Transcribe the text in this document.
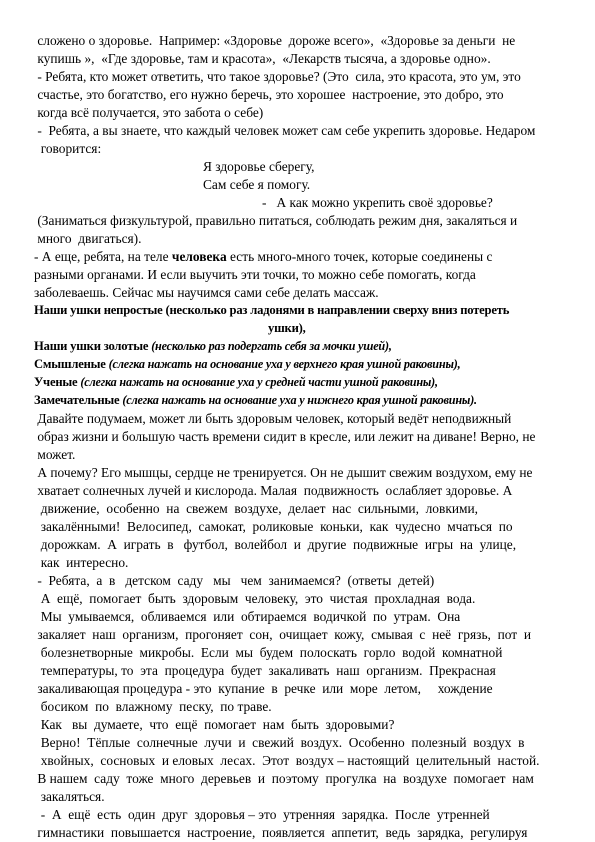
сложено о здоровье.  Например: «Здоровье  дороже всего»,  «Здоровье за деньги  не
купишь »,  «Где здоровье, там и красота»,  «Лекарств тысяча, а здоровье одно».
- Ребята, кто может ответить, что такое здоровье? (Это  сила, это красота, это ум, это
счастье, это богатство, его нужно беречь, это хорошее  настроение, это добро, это
когда всё получается, это забота о себе)
-  Ребята, а вы знаете, что каждый человек может сам себе укрепить здоровье. Недаром
говорится:
Я здоровье сберегу,
Сам себе я помогу.
-   А как можно укрепить своё здоровье?
(Заниматься физкультурой, правильно питаться, соблюдать режим дня, закаляться и
много  двигаться).
- А еще, ребята, на теле человека есть много-много точек, которые соединены с
разными органами. И если выучить эти точки, то можно себе помогать, когда
заболеваешь. Сейчас мы научимся сами себе делать массаж.
Наши ушки непростые (несколько раз ладонями в направлении сверху вниз потереть
ушки),
Наши ушки золотые (несколько раз подергать себя за мочки ушей),
Смышленые (слегка нажать на основание уха у верхнего края ушной раковины),
Ученые (слегка нажать на основание уха у средней части ушной раковины),
Замечательные (слегка нажать на основание уха у нижнего края ушной раковины).
Давайте подумаем, может ли быть здоровым человек, который ведёт неподвижный
образ жизни и большую часть времени сидит в кресле, или лежит на диване! Верно, не
может.
А почему? Его мышцы, сердце не тренируется. Он не дышит свежим воздухом, ему не
хватает солнечных лучей и кислорода. Малая  подвижность  ослабляет здоровье. А
движение,  особенно  на  свежем  воздухе,  делает  нас  сильными,  ловкими,
закалёнными!  Велосипед,  самокат,  роликовые  коньки,  как  чудесно  мчаться  по
дорожкам.  А  играть  в   футбол,  волейбол  и  другие  подвижные  игры  на  улице,
как  интересно.
-  Ребята,  а  в   детском  саду   мы   чем  занимаемся?  (ответы  детей)
А  ещё,  помогает  быть  здоровым  человеку,  это  чистая  прохладная  вода.
Мы  умываемся,  обливаемся  или  обтираемся  водичкой  по  утрам.  Она
закаляет  наш  организм,  прогоняет  сон,  очищает  кожу,  смывая  с  неё  грязь,  пот  и
болезнетворные  микробы.  Если  мы  будем  полоскать  горло  водой  комнатной
температуры, то  эта  процедура  будет  закаливать  наш  организм.  Прекрасная
закаливающая процедура - это  купание  в  речке  или  море  летом,     хождение
босиком  по  влажному  песку,  по траве.
Как   вы  думаете,  что  ещё  помогает  нам  быть  здоровыми?
Верно!  Тёплые  солнечные  лучи  и  свежий  воздух.  Особенно  полезный  воздух  в
хвойных,  сосновых  и еловых  лесах.  Этот  воздух – настоящий  целительный  настой.
В нашем  саду  тоже  много  деревьев  и  поэтому  прогулка  на  воздухе  помогает  нам
закаляться.
-  А  ещё  есть  один  друг  здоровья – это  утренняя  зарядка.  После  утренней
гимнастики  повышается  настроение,  появляется  аппетит,  ведь  зарядка,  регулируя
